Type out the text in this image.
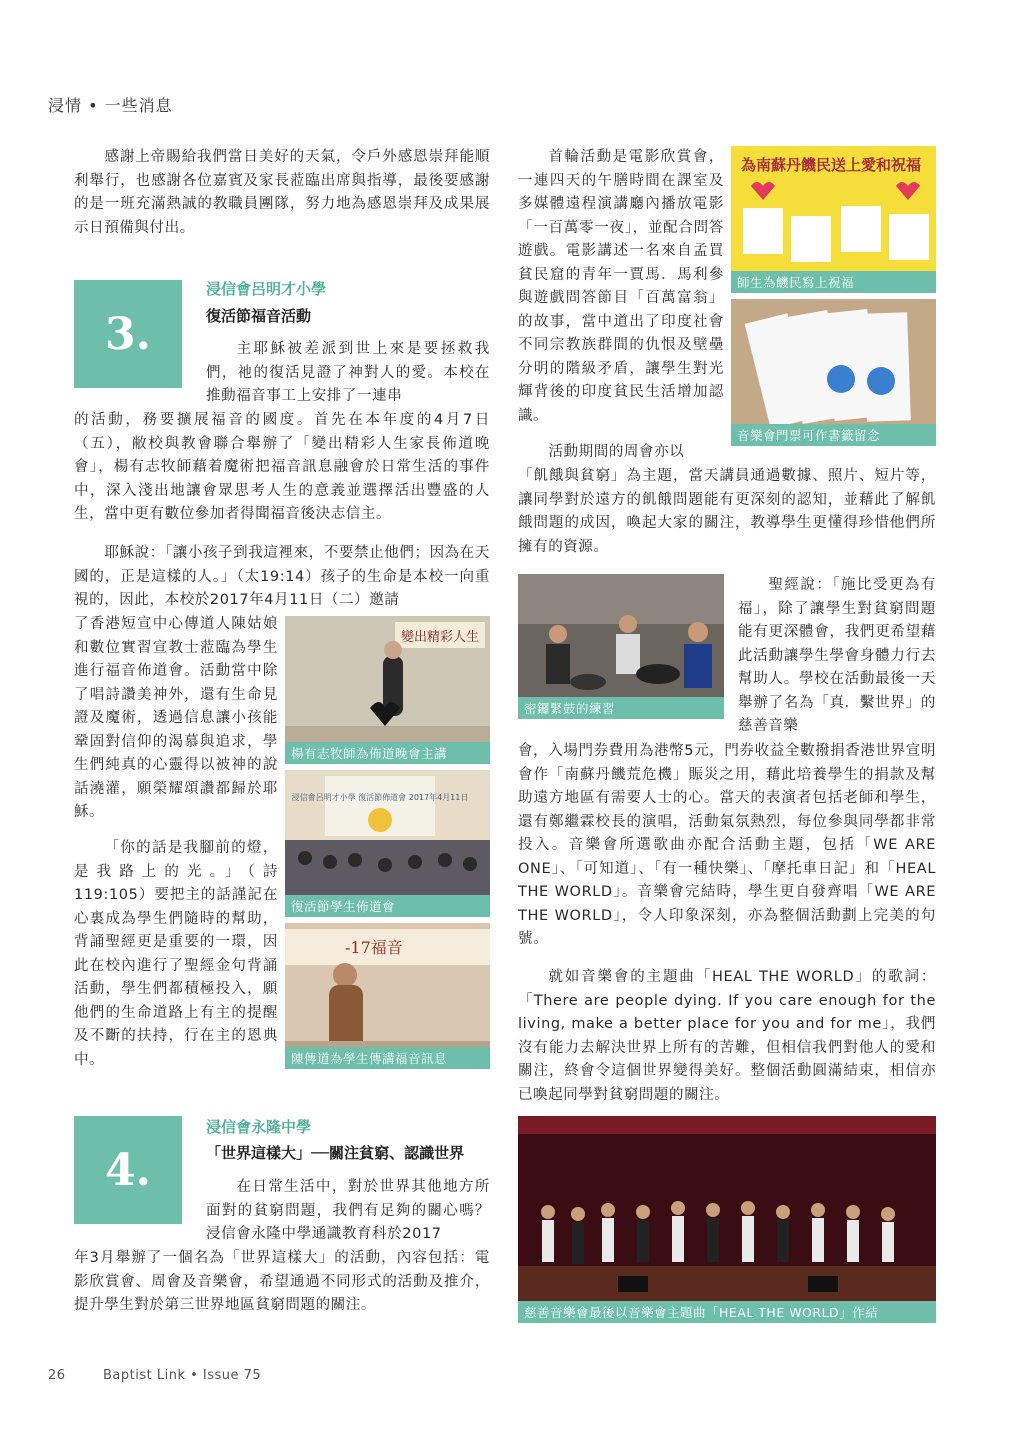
浸情 • 一些消息

感謝上帝賜給我們當日美好的天氣，令戶外感恩崇拜能順利舉行，也感謝各位嘉賓及家長蒞臨出席與指導，最後要感謝的是一班充滿熱誠的教職員團隊，努力地為感恩崇拜及成果展示日預備與付出。

3.
浸信會呂明才小學
復活節福音活動

主耶穌被差派到世上來是要拯救我們，祂的復活見證了神對人的愛。本校在推動福音事工上安排了一連串

的活動，務要擴展福音的國度。首先在本年度的4月7日（五），敝校與教會聯合舉辦了「變出精彩人生家長佈道晚會」，楊有志牧師藉着魔術把福音訊息融會於日常生活的事件中，深入淺出地讓會眾思考人生的意義並選擇活出豐盛的人生，當中更有數位參加者得聞福音後決志信主。

耶穌說：「讓小孩子到我這裡來，不要禁止他們；因為在天國的，正是這樣的人。」（太19:14）孩子的生命是本校一向重視的，因此，本校於2017年4月11日（二）邀請

了香港短宣中心傳道人陳姑娘和數位實習宣教士蒞臨為學生進行福音佈道會。活動當中除了唱詩讚美神外，還有生命見證及魔術，透過信息讓小孩能鞏固對信仰的渴慕與追求，學生們純真的心靈得以被神的說話澆灌，願榮耀頌讚都歸於耶穌。

「你的話是我腳前的燈，是我路上的光。」（詩119:105）要把主的話謹記在心裏成為學生們隨時的幫助，背誦聖經更是重要的一環，因此在校內進行了聖經金句背誦活動，學生們都積極投入，願他們的生命道路上有主的提醒及不斷的扶持，行在主的恩典中。

變出精彩人生
楊有志牧師為佈道晚會主講
浸信會呂明才小學 復活節佈道會 2017年4月11日
復活節學生佈道會
-17福音
陳傳道為學生傳講福音訊息
4.
浸信會永隆中學
「世界這樣大」──關注貧窮、認識世界

在日常生活中，對於世界其他地方所面對的貧窮問題，我們有足夠的關心嗎？浸信會永隆中學通識教育科於2017

年3月舉辦了一個名為「世界這樣大」的活動，內容包括：電影欣賞會、周會及音樂會，希望通過不同形式的活動及推介，提升學生對於第三世界地區貧窮問題的關注。

首輪活動是電影欣賞會，一連四天的午膳時間在課室及多媒體遠程演講廳內播放電影「一百萬零一夜」，並配合問答遊戲。電影講述一名來自孟買貧民窟的青年一賈馬．馬利參與遊戲問答節目「百萬富翁」的故事，當中道出了印度社會不同宗教族群間的仇恨及壁壘分明的階級矛盾，讓學生對光輝背後的印度貧民生活增加認識。

活動期間的周會亦以

「飢餓與貧窮」為主題，當天講員通過數據、照片、短片等，讓同學對於遠方的飢餓問題能有更深刻的認知，並藉此了解飢餓問題的成因，喚起大家的關注，教導學生更懂得珍惜他們所擁有的資源。

聖經說：「施比受更為有福」，除了讓學生對貧窮問題能有更深體會，我們更希望藉此活動讓學生學會身體力行去幫助人。學校在活動最後一天舉辦了名為「真．繫世界」的慈善音樂

會，入場門券費用為港幣5元，門券收益全數撥捐香港世界宣明會作「南蘇丹饑荒危機」賑災之用，藉此培養學生的捐款及幫助遠方地區有需要人士的心。當天的表演者包括老師和學生，還有鄭繼霖校長的演唱，活動氣氛熱烈，每位參與同學都非常投入。音樂會所選歌曲亦配合活動主題，包括「WE ARE ONE」、「可知道」、「有一種快樂」、「摩托車日記」和「HEAL THE WORLD」。音樂會完結時，學生更自發齊唱「WE ARE THE WORLD」，令人印象深刻，亦為整個活動劃上完美的句號。

就如音樂會的主題曲「HEAL THE WORLD」的歌詞：「There are people dying. If you care enough for the living, make a better place for you and for me」，我們沒有能力去解決世界上所有的苦難，但相信我們對他人的愛和關注，終會令這個世界變得美好。整個活動圓滿結束，相信亦已喚起同學對貧窮問題的關注。

為南蘇丹饑民送上愛和祝福
師生為饑民寫上祝福
音樂會門票可作書籤留念
密鑼緊鼓的練習
慈善音樂會最後以音樂會主題曲「HEAL THE WORLD」作結
26	Baptist Link • Issue 75
